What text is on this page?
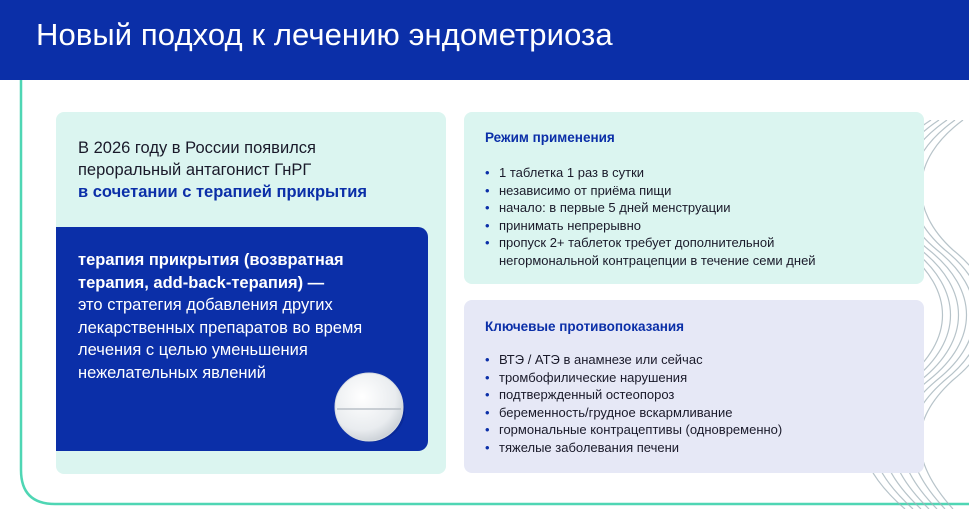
Новый подход к лечению эндометриоза
В 2026 году в России появился
пероральный антагонист ГнРГ
в сочетании с терапией прикрытия
терапия прикрытия (возвратная
терапия, add-back-терапия) —
это стратегия добавления других
лекарственных препаратов во время
лечения с целью уменьшения
нежелательных явлений
Режим применения
• 1 таблетка 1 раз в сутки
• независимо от приёма пищи
• начало: в первые 5 дней менструации
• принимать непрерывно
• пропуск 2+ таблеток требует дополнительной
негормональной контрацепции в течение семи дней
Ключевые противопоказания
• ВТЭ / АТЭ в анамнезе или сейчас
• тромбофилические нарушения
• подтвержденный остеопороз
• беременность/грудное вскармливание
• гормональные контрацептивы (одновременно)
• тяжелые заболевания печени
